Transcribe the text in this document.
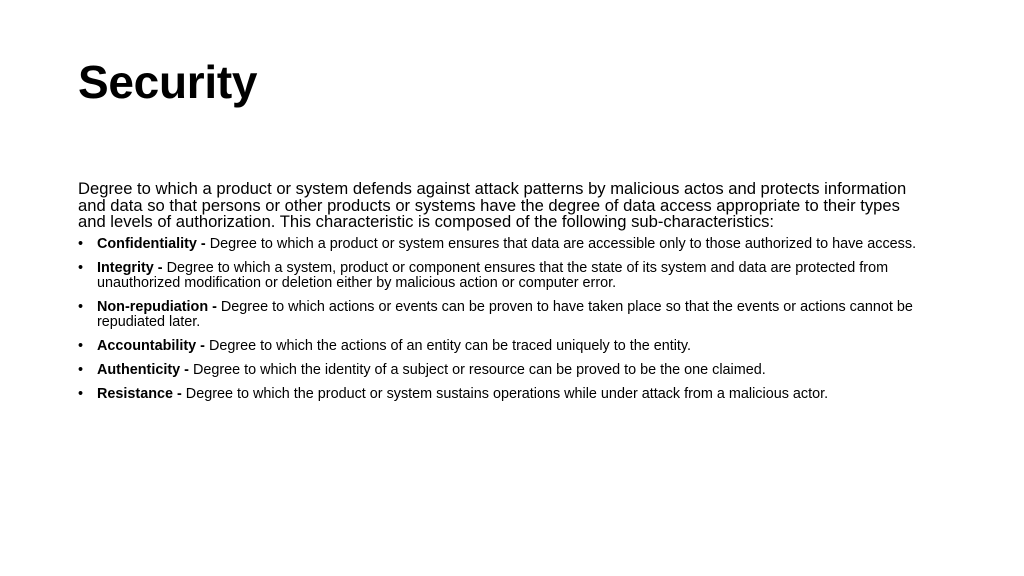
Security

Degree to which a product or system defends against attack patterns by malicious actos and protects information and data so that persons or other products or systems have the degree of data access appropriate to their types and levels of authorization. This characteristic is composed of the following sub-characteristics:

• Confidentiality - Degree to which a product or system ensures that data are accessible only to those authorized to have access.
• Integrity - Degree to which a system, product or component ensures that the state of its system and data are protected from unauthorized modification or deletion either by malicious action or computer error.
• Non-repudiation - Degree to which actions or events can be proven to have taken place so that the events or actions cannot be repudiated later.
• Accountability - Degree to which the actions of an entity can be traced uniquely to the entity.
• Authenticity - Degree to which the identity of a subject or resource can be proved to be the one claimed.
• Resistance - Degree to which the product or system sustains operations while under attack from a malicious actor.
